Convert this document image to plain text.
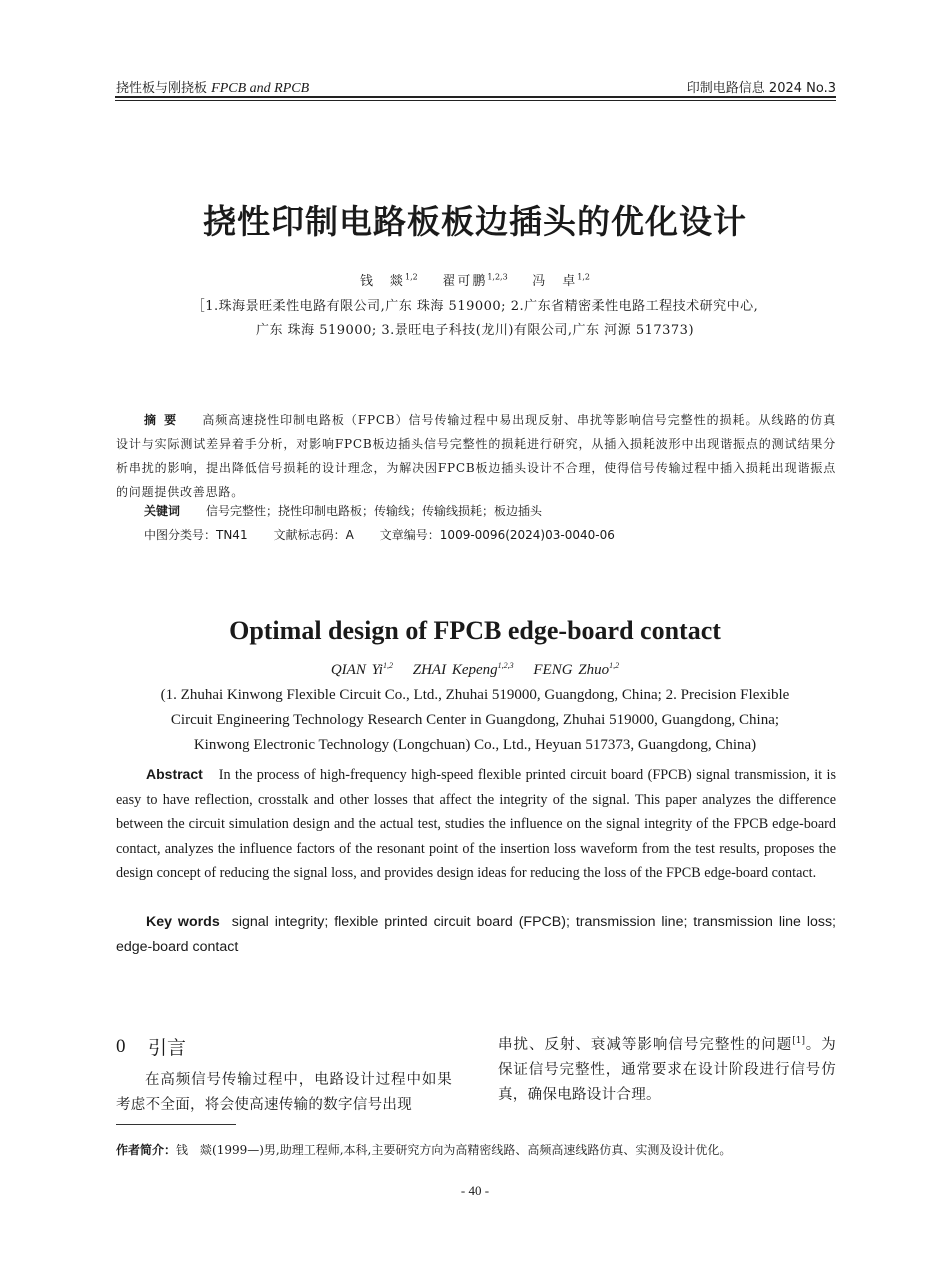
挠性板与刚挠板 FPCB and RPCB	印制电路信息 2024 No.3
挠性印制电路板板边插头的优化设计
钱　燚$^{1,2}$ 翟可鹏$^{1,2,3}$ 冯　卓$^{1,2}$
［1.珠海景旺柔性电路有限公司,广东 珠海 519000; 2.广东省精密柔性电路工程技术研究中心,
广东 珠海 519000; 3.景旺电子科技(龙川)有限公司,广东 河源 517373)
摘要 高频高速挠性印制电路板（FPCB）信号传输过程中易出现反射、串扰等影响信号完整性的损耗。从线路的仿真设计与实际测试差异着手分析，对影响FPCB板边插头信号完整性的损耗进行研究，从插入损耗波形中出现谐振点的测试结果分析串扰的影响，提出降低信号损耗的设计理念，为解决因FPCB板边插头设计不合理，使得信号传输过程中插入损耗出现谐振点的问题提供改善思路。
关键词 信号完整性；挠性印制电路板；传输线；传输线损耗；板边插头
中图分类号：TN41 文献标志码：A 文章编号：1009-0096(2024)03-0040-06
Optimal design of FPCB edge-board contact
QIAN Yi$^{1,2}$ ZHAI Kepeng$^{1,2,3}$ FENG Zhuo$^{1,2}$
(1. Zhuhai Kinwong Flexible Circuit Co., Ltd., Zhuhai 519000, Guangdong, China; 2. Precision Flexible
Circuit Engineering Technology Research Center in Guangdong, Zhuhai 519000, Guangdong, China;
Kinwong Electronic Technology (Longchuan) Co., Ltd., Heyuan 517373, Guangdong, China)
Abstract In the process of high-frequency high-speed flexible printed circuit board (FPCB) signal transmission, it is easy to have reflection, crosstalk and other losses that affect the integrity of the signal. This paper analyzes the difference between the circuit simulation design and the actual test, studies the influence on the signal integrity of the FPCB edge-board contact, analyzes the influence factors of the resonant point of the insertion loss waveform from the test results, proposes the design concept of reducing the signal loss, and provides design ideas for reducing the loss of the FPCB edge-board contact.
Key words signal integrity; flexible printed circuit board (FPCB); transmission line; transmission line loss; edge-board contact
0 引言
在高频信号传输过程中，电路设计过程中如果考虑不全面，将会使高速传输的数字信号出现
串扰、反射、衰减等影响信号完整性的问题[1]。为保证信号完整性，通常要求在设计阶段进行信号仿真，确保电路设计合理。
作者简介：钱　燚(1999—)男,助理工程师,本科,主要研究方向为高精密线路、高频高速线路仿真、实测及设计优化。
- 40 -
